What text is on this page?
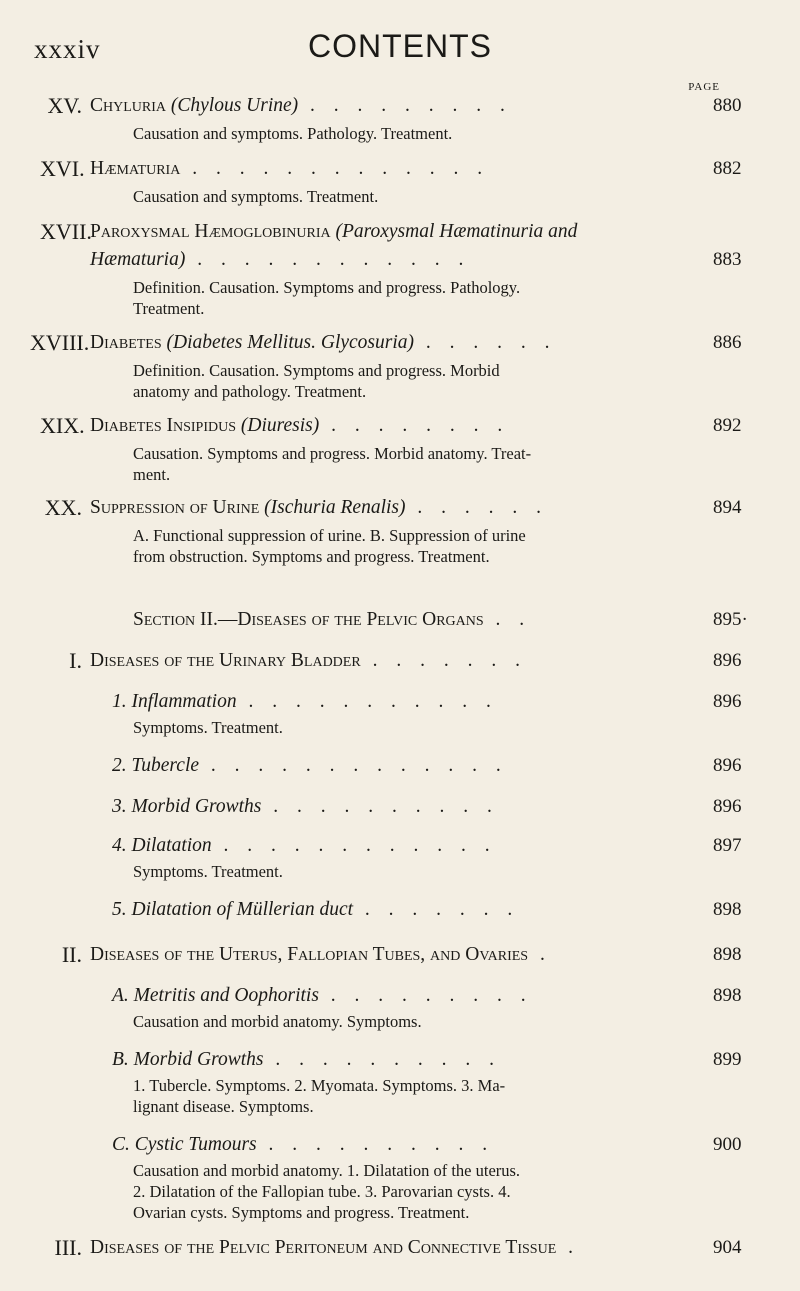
xxxiv	CONTENTS
PAGE
XV. Chyluria (Chylous Urine) . . . . . . . . .	880
Causation and symptoms. Pathology. Treatment.
XVI. Hæmaturia . . . . . . . . . . . . .	882
Causation and symptoms. Treatment.
XVII.
Paroxysmal Hæmoglobinuria (Paroxysmal Hæmatinuria and
Hæmaturia) . . . . . . . . . . . .	883
Definition. Causation. Symptoms and progress. Pathology.
Treatment.
XVIII. Diabetes (Diabetes Mellitus. Glycosuria) . . . . . .	886
Definition. Causation. Symptoms and progress. Morbid
anatomy and pathology. Treatment.
XIX. Diabetes Insipidus (Diuresis) . . . . . . . .	892
Causation. Symptoms and progress. Morbid anatomy. Treat-
ment.
XX. Suppression of Urine (Ischuria Renalis) . . . . . .	894
A. Functional suppression of urine. B. Suppression of urine
from obstruction. Symptoms and progress. Treatment.
Section II.—Diseases of the Pelvic Organs . .	895·
I. Diseases of the Urinary Bladder . . . . . . .	896
1. Inflammation . . . . . . . . . . .	896
Symptoms. Treatment.
2. Tubercle . . . . . . . . . . . . .	896
3. Morbid Growths . . . . . . . . . .	896
4. Dilatation . . . . . . . . . . . .	897
Symptoms. Treatment.
5. Dilatation of Müllerian duct . . . . . . .	898
II. Diseases of the Uterus, Fallopian Tubes, and Ovaries .	898
A. Metritis and Oophoritis . . . . . . . . .	898
Causation and morbid anatomy. Symptoms.
B. Morbid Growths . . . . . . . . . .	899
1. Tubercle. Symptoms. 2. Myomata. Symptoms. 3. Ma-
lignant disease. Symptoms.
C. Cystic Tumours . . . . . . . . . .	900
Causation and morbid anatomy. 1. Dilatation of the uterus.
2. Dilatation of the Fallopian tube. 3. Parovarian cysts. 4.
Ovarian cysts. Symptoms and progress. Treatment.
III. Diseases of the Pelvic Peritoneum and Connective Tissue .	904
